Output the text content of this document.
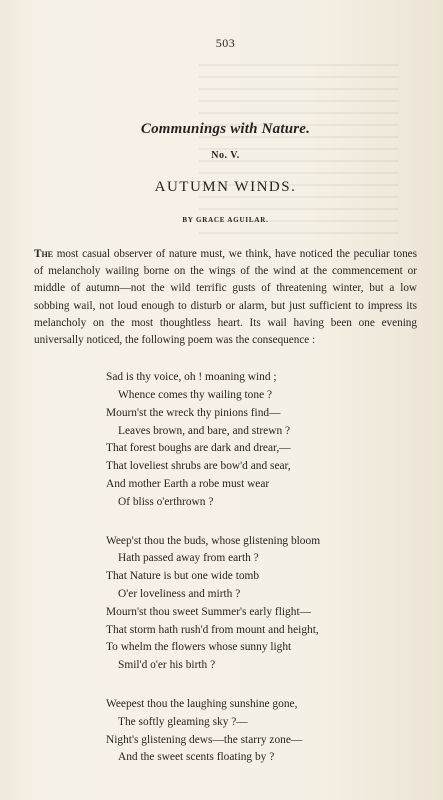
503
Communings with Nature.
No. V.
AUTUMN WINDS.
BY GRACE AGUILAR.

The most casual observer of nature must, we think, have noticed the peculiar tones of melancholy wailing borne on the wings of the wind at the commencement or middle of autumn—not the wild terrific gusts of threatening winter, but a low sobbing wail, not loud enough to disturb or alarm, but just sufficient to impress its melancholy on the most thoughtless heart. Its wail having been one evening universally noticed, the following poem was the consequence :

Sad is thy voice, oh ! moaning wind ;
Whence comes thy wailing tone ?
Mourn'st the wreck thy pinions find—
Leaves brown, and bare, and strewn ?
That forest boughs are dark and drear,—
That loveliest shrubs are bow'd and sear,
And mother Earth a robe must wear
Of bliss o'erthrown ?
Weep'st thou the buds, whose glistening bloom
Hath passed away from earth ?
That Nature is but one wide tomb
O'er loveliness and mirth ?
Mourn'st thou sweet Summer's early flight—
That storm hath rush'd from mount and height,
To whelm the flowers whose sunny light
Smil'd o'er his birth ?
Weepest thou the laughing sunshine gone,
The softly gleaming sky ?—
Night's glistening dews—the starry zone—
And the sweet scents floating by ?
